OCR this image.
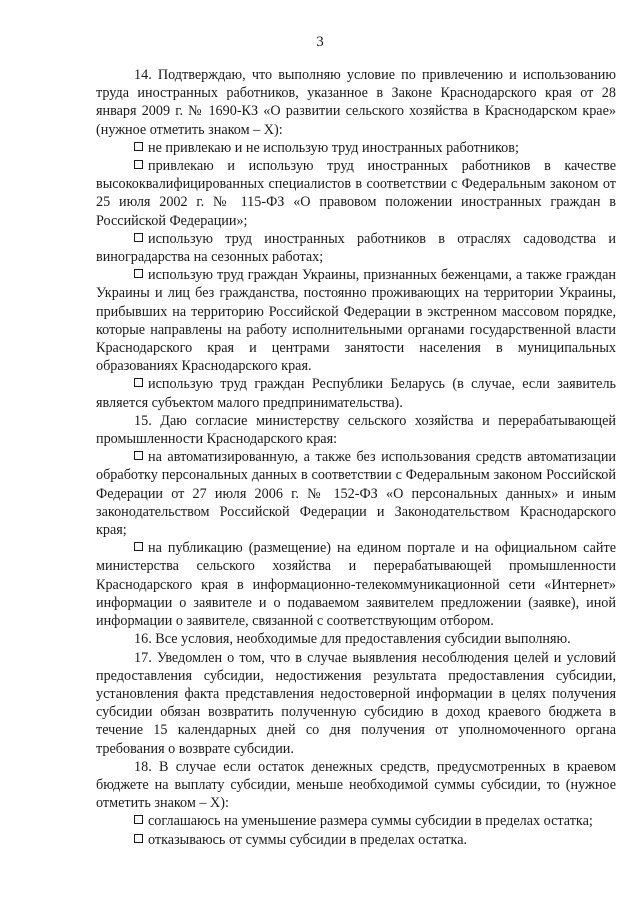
3

14. Подтверждаю, что выполняю условие по привлечению и использованию труда иностранных работников, указанное в Законе Краснодарского края от 28 января 2009 г. № 1690-КЗ «О развитии сельского хозяйства в Краснодарском крае» (нужное отметить знаком – X):

не привлекаю и не использую труд иностранных работников;

привлекаю и использую труд иностранных работников в качестве высококвалифицированных специалистов в соответствии с Федеральным законом от 25 июля 2002 г. № 115-ФЗ «О правовом положении иностранных граждан в Российской Федерации»;

использую труд иностранных работников в отраслях садоводства и виноградарства на сезонных работах;

использую труд граждан Украины, признанных беженцами, а также граждан Украины и лиц без гражданства, постоянно проживающих на территории Украины, прибывших на территорию Российской Федерации в экстренном массовом порядке, которые направлены на работу исполнительными органами государственной власти Краснодарского края и центрами занятости населения в муниципальных образованиях Краснодарского края.

использую труд граждан Республики Беларусь (в случае, если заявитель является субъектом малого предпринимательства).

15. Даю согласие министерству сельского хозяйства и перерабатывающей промышленности Краснодарского края:

на автоматизированную, а также без использования средств автоматизации обработку персональных данных в соответствии с Федеральным законом Российской Федерации от 27 июля 2006 г. № 152-ФЗ «О персональных данных» и иным законодательством Российской Федерации и Законодательством Краснодарского края;

на публикацию (размещение) на едином портале и на официальном сайте министерства сельского хозяйства и перерабатывающей промышленности Краснодарского края в информационно-телекоммуникационной сети «Интернет» информации о заявителе и о подаваемом заявителем предложении (заявке), иной информации о заявителе, связанной с соответствующим отбором.

16. Все условия, необходимые для предоставления субсидии выполняю.

17. Уведомлен о том, что в случае выявления несоблюдения целей и условий предоставления субсидии, недостижения результата предоставления субсидии, установления факта представления недостоверной информации в целях получения субсидии обязан возвратить полученную субсидию в доход краевого бюджета в течение 15 календарных дней со дня получения от уполномоченного органа требования о возврате субсидии.

18. В случае если остаток денежных средств, предусмотренных в краевом бюджете на выплату субсидии, меньше необходимой суммы субсидии, то (нужное отметить знаком – X):

соглашаюсь на уменьшение размера суммы субсидии в пределах остатка;

отказываюсь от суммы субсидии в пределах остатка.
